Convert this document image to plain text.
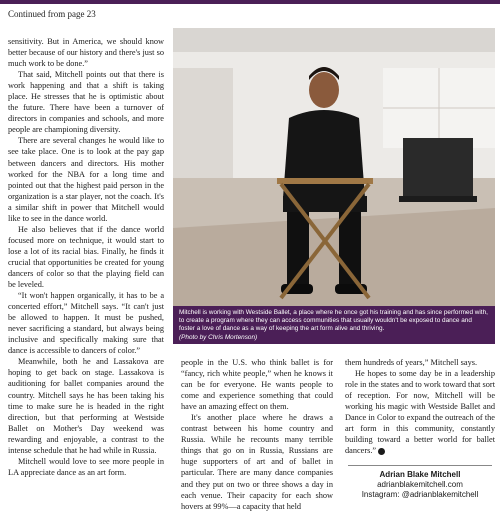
Continued from page 23

sensitivity. But in America, we should know better because of our history and there's just so much work to be done.”

That said, Mitchell points out that there is work happening and that a shift is taking place. He stresses that he is optimistic about the future. There have been a turnover of directors in companies and schools, and more people are championing diversity.

There are several changes he would like to see take place. One is to look at the pay gap between dancers and directors. His mother worked for the NBA for a long time and pointed out that the highest paid person in the organization is a star player, not the coach. It's a similar shift in power that Mitchell would like to see in the dance world.

He also believes that if the dance world focused more on technique, it would start to lose a lot of its racial bias. Finally, he finds it crucial that opportunities be created for young dancers of color so that the playing field can be leveled.

“It won't happen organically, it has to be a concerted effort,” Mitchell says. “It can't just be allowed to happen. It must be pushed, never sacrificing a standard, but always being inclusive and specifically making sure that dance is accessible to dancers of color.”

Meanwhile, both he and Lassakova are hoping to get back on stage. Lassakova is auditioning for ballet companies around the country. Mitchell says he has been taking his time to make sure he is headed in the right direction, but that performing at Westside Ballet on Mother's Day weekend was rewarding and enjoyable, a contrast to the intense schedule that he had while in Russia.

Mitchell would love to see more people in LA appreciate dance as an art form.

Mitchell is working with Westside Ballet, a place where he once got his training and has since performed with, to create a program where they can access communities that usually wouldn't be exposed to dance and foster a love of dance as a way of keeping the art form alive and thriving.
(Photo by Chris Mortenson)

people in the U.S. who think ballet is for “fancy, rich white people,” when he knows it can be for everyone. He wants people to come and experience something that could have an amazing effect on them.

It's another place where he draws a contrast between his home country and Russia. While he recounts many terrible things that go on in Russia, Russians are huge supporters of art and of ballet in particular. There are many dance companies and they put on two or three shows a day in each venue. Their capacity for each show hovers at 99%—a capacity that held

them hundreds of years,” Mitchell says.

He hopes to some day be in a leadership role in the states and to work toward that sort of reception. For now, Mitchell will be working his magic with Westside Ballet and Dance in Color to expand the outreach of the art form in this community, constantly building toward a better world for ballet dancers.” M

Adrian Blake Mitchell
adrianblakemitchell.com
Instagram: @adrianblakemitchell
